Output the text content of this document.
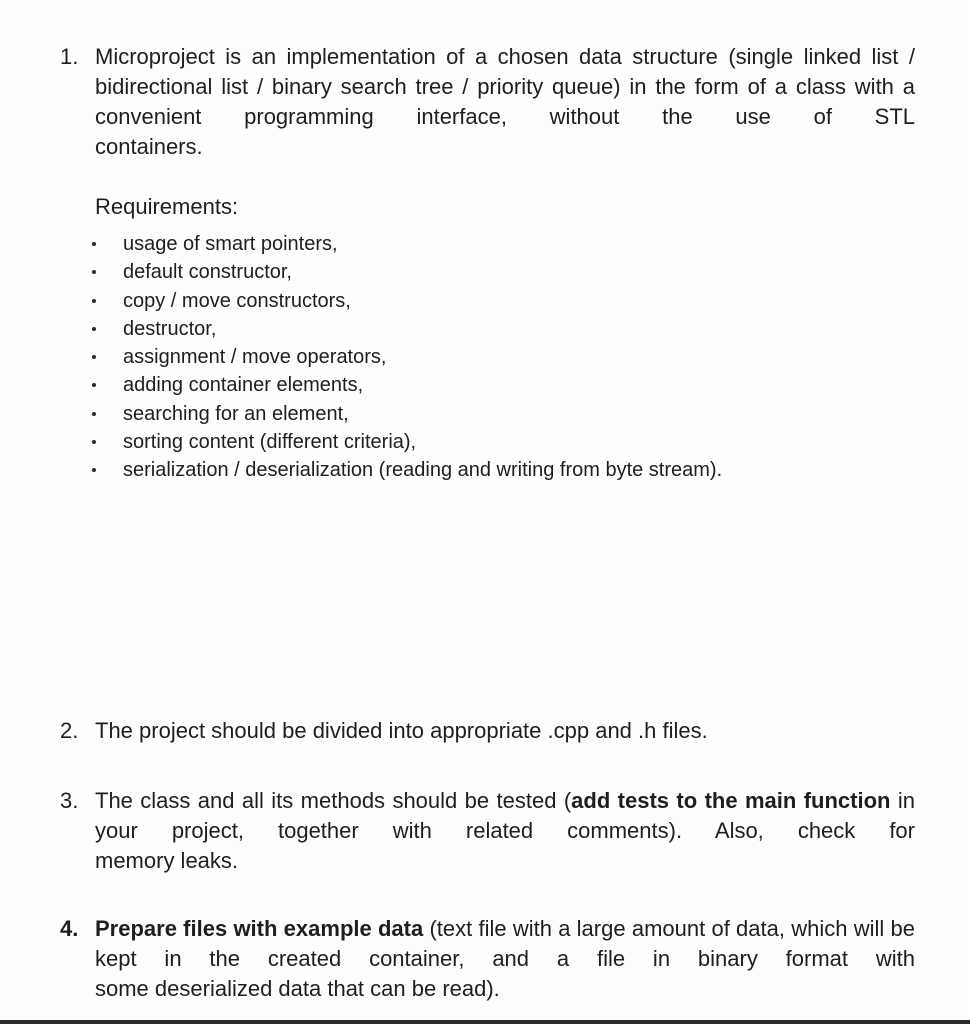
1. Microproject is an implementation of a chosen data structure (single linked list / bidirectional list / binary search tree / priority queue) in the form of a class with a convenient programming interface, without the use of STL
containers.
Requirements:
usage of smart pointers,
default constructor,
copy / move constructors,
destructor,
assignment / move operators,
adding container elements,
searching for an element,
sorting content (different criteria),
serialization / deserialization (reading and writing from byte stream).
2. The project should be divided into appropriate .cpp and .h files.
3. The class and all its methods should be tested (add tests to the main function in your project, together with related comments). Also, check for
memory leaks.
4. Prepare files with example data (text file with a large amount of data, which will be kept in the created container, and a file in binary format with
some deserialized data that can be read).
